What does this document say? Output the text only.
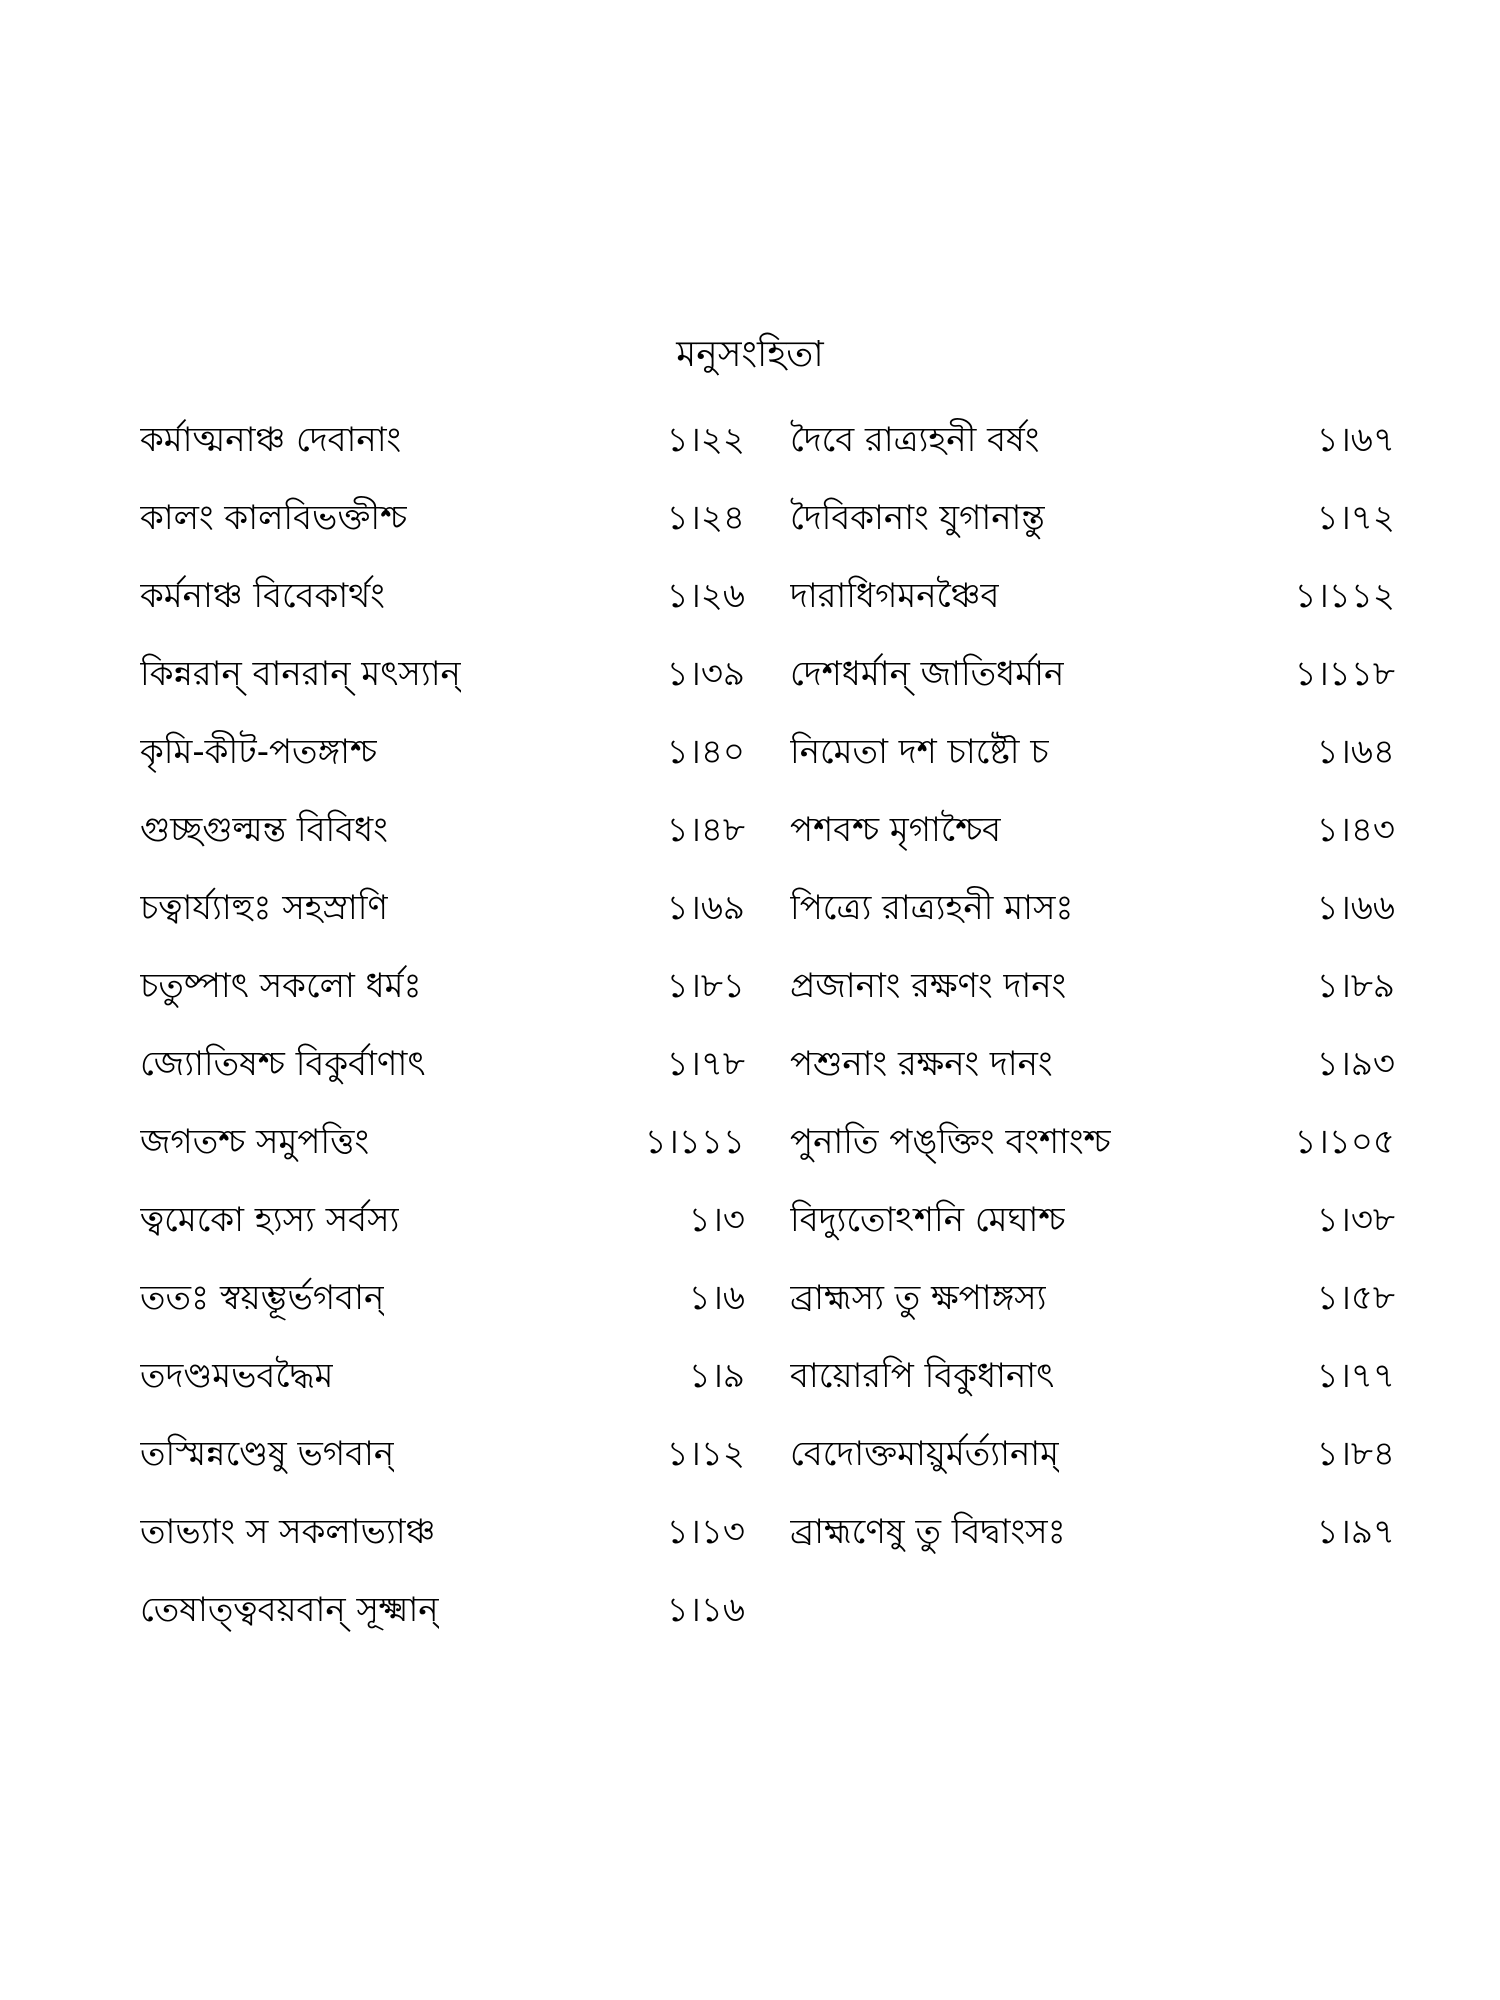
মনুসংহিতা
কর্মাত্মনাঞ্চ দেবানাং	১।২২
কালং কালবিভক্তীশ্চ	১।২৪
কর্মনাঞ্চ বিবেকার্থং	১।২৬
কিন্নরান্ বানরান্ মৎস্যান্	১।৩৯
কৃমি-কীট-পতঙ্গাশ্চ	১।৪০
গুচ্ছগুল্মন্ত বিবিধং	১।৪৮
চত্বার্য্যাহুঃ সহস্রাণি	১।৬৯
চতুষ্পাৎ সকলো ধর্মঃ	১।৮১
জ্যোতিষশ্চ বিকুর্বাণাৎ	১।৭৮
জগতশ্চ সমুপত্তিং	১।১১১
ত্বমেকো হ্যস্য সর্বস্য	১।৩
ততঃ স্বয়ম্ভূর্ভগবান্	১।৬
তদণ্ডমভবদ্ধৈম	১।৯
তস্মিন্নণ্ডেষু ভগবান্	১।১২
তাভ্যাং স সকলাভ্যাঞ্চ	১।১৩
তেষাত্ত্ববয়বান্ সূক্ষ্মান্	১।১৬
দৈবে রাত্র্যহনী বর্ষং	১।৬৭
দৈবিকানাং যুগানান্তু	১।৭২
দারাধিগমনঞ্চৈব	১।১১২
দেশধর্মান্ জাতিধর্মান	১।১১৮
নিমেতা দশ চাষ্টৌ চ	১।৬৪
পশবশ্চ মৃগাশ্চৈব	১।৪৩
পিত্র্যে রাত্র্যহনী মাসঃ	১।৬৬
প্রজানাং রক্ষণং দানং	১।৮৯
পশুনাং রক্ষনং দানং	১।৯৩
পুনাতি পঙ্‌ক্তিং বংশাংশ্চ	১।১০৫
বিদ্যুতোঽশনি মেঘাশ্চ	১।৩৮
ব্রাহ্মস্য তু ক্ষপাঙ্গস্য	১।৫৮
বায়োরপি বিকুধানাৎ	১।৭৭
বেদোক্তমায়ুর্মর্ত্যানাম্	১।৮৪
ব্রাহ্মণেষু তু বিদ্বাংসঃ	১।৯৭
